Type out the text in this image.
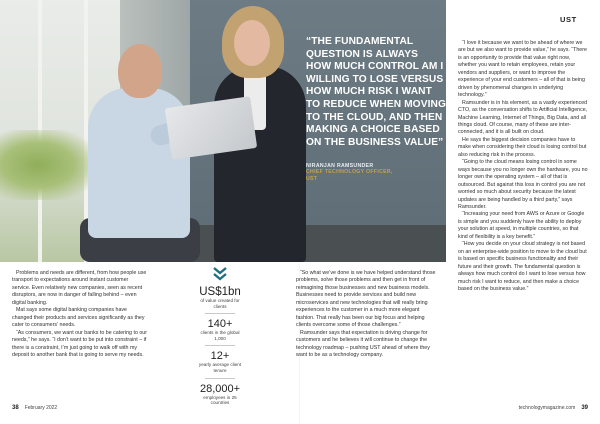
“THE FUNDAMENTAL QUESTION IS ALWAYS HOW MUCH CONTROL AM I WILLING TO LOSE VERSUS HOW MUCH RISK I WANT TO REDUCE WHEN MOVING TO THE CLOUD, AND THEN MAKING A CHOICE BASED ON THE BUSINESS VALUE”
NIRANJAN RAMSUNDER
CHIEF TECHNOLOGY OFFICER,
UST
UST

“I love it because we want to be ahead of where we are but we also want to provide value,” he says. “There is an opportunity to provide that value right now, whether you want to retain employees, retain your vendors and suppliers, or want to improve the experience of your end customers – all of that is being driven by phenomenal changes in underlying technology.”

Ramsunder is in his element, as a vastly experienced CTO, as the conversation shifts to Artificial Intelligence, Machine Learning, Internet of Things, Big Data, and all things cloud. Of course, many of these are inter-connected, and it is all built on cloud.

He says the biggest decision companies have to make when considering their cloud is losing control but also reducing risk in the process.

“Going to the cloud means losing control in some ways because you no longer own the hardware, you no longer own the operating system – all of that is outsourced. But against this loss in control you are not worried so much about security because the latest updates are being handled by a third party,” says Ramsunder.

“Increasing your need from AWS or Azure or Google is simple and you suddenly have the ability to deploy your solution at speed, in multiple countries, so that kind of flexibility is a key benefit.”

“How you decide on your cloud strategy is not based on an enterprise-wide position to move to the cloud but is based on specific business functionality and their future and their growth. The fundamental question is always how much control do I want to lose versus how much risk I want to reduce, and then make a choice based on the business value.”

Problems and needs are different, from how people use transport to expectations around instant customer service. Even relatively new companies, seen as recent disruptors, are now in danger of falling behind – even digital banking.

Mat says some digital banking companies have changed their products and services significantly as they cater to consumers’ needs.

“As consumers, we want our banks to be catering to our needs,” he says. “I don’t want to be put into constraint – if there is a constraint, I’m just going to walk off with my deposit to another bank that is going to serve my needs.

US$1bn
of value created for clients
140+
clients in the global 1,000
12+
yearly average client tenure
28,000+
employees in 25 countries

“So what we’ve done is we have helped understand those problems, solve those problems and then get in front of reimagining those businesses and new business models. Businesses need to provide services and build new microservices and new technologies that will really bring experiences to the customer in a much more elegant fashion. That really has been our big focus and helping clients overcome some of those challenges.”

Ramsunder says that expectation is driving change for customers and he believes it will continue to change the technology roadmap – pushing UST ahead of where they want to be as a technology company.

38 February 2022	technologymagazine.com 39
